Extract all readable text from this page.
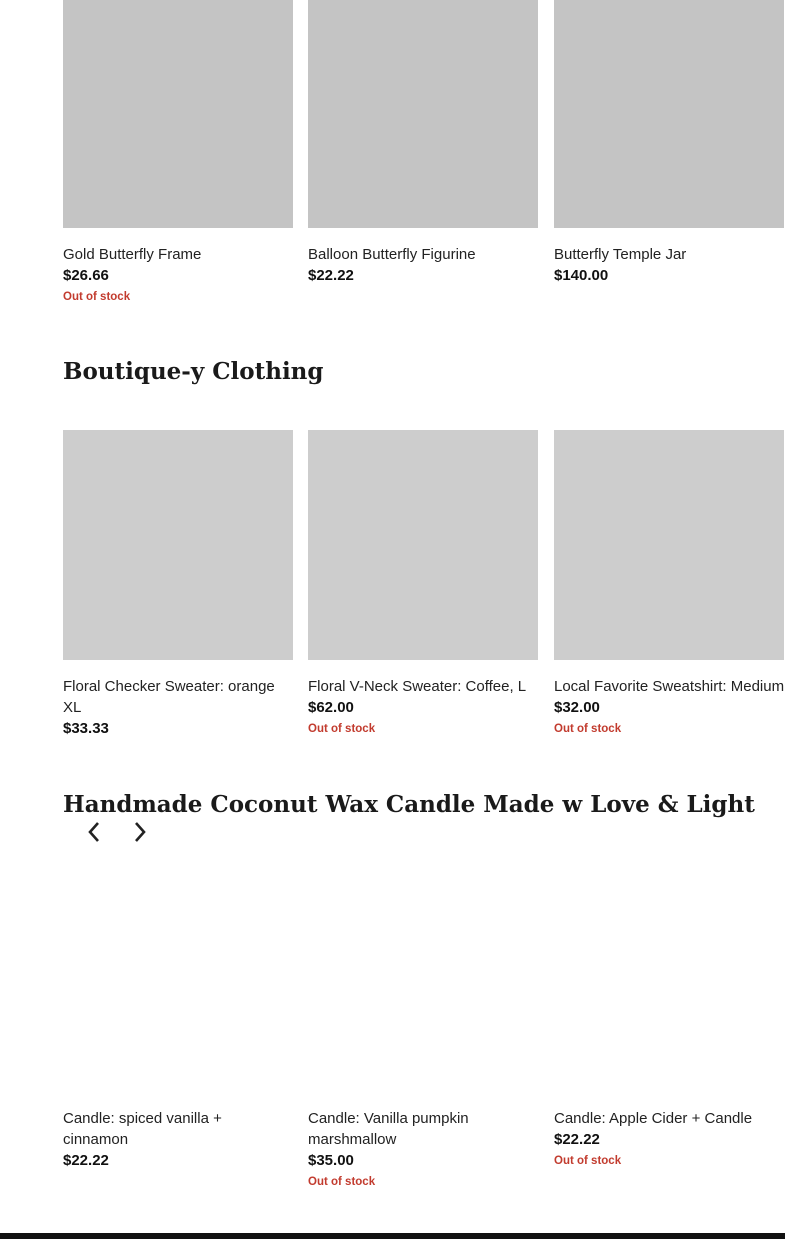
Gold Butterfly Frame
$26.66
Out of stock
Balloon Butterfly Figurine
$22.22
Butterfly Temple Jar
$140.00
Boutique-y Clothing
Floral Checker Sweater: orange XL
$33.33
Floral V-Neck Sweater: Coffee, L
$62.00
Out of stock
Local Favorite Sweatshirt: Medium
$32.00
Out of stock
Handmade Coconut Wax Candle Made w Love & Light
Candle: spiced vanilla + cinnamon
$22.22
Candle: Vanilla pumpkin marshmallow
$35.00
Out of stock
Candle: Apple Cider + Candle
$22.22
Out of stock
